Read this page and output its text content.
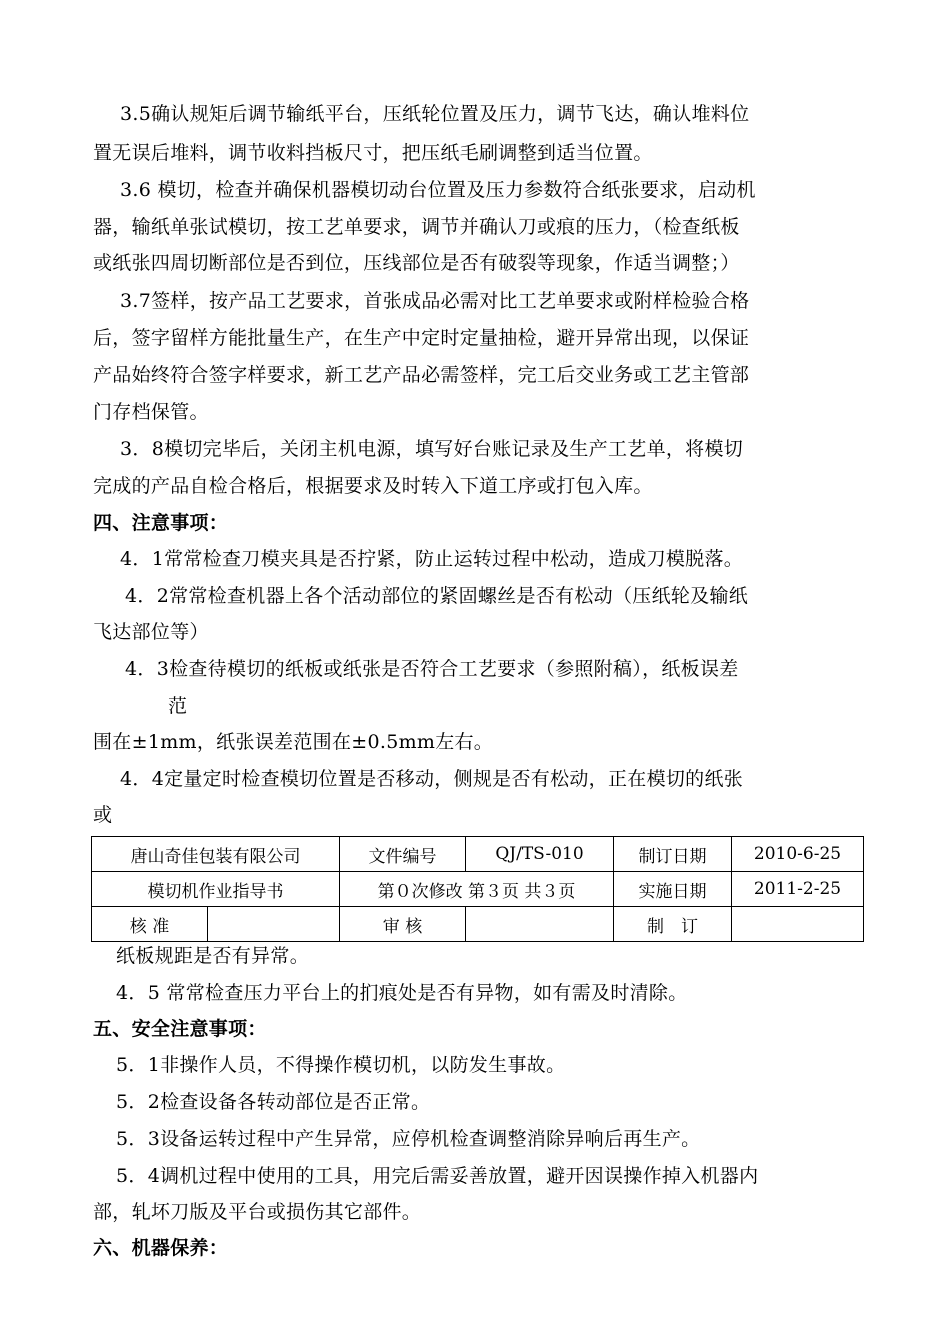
3.5确认规矩后调节输纸平台，压纸轮位置及压力，调节飞达，确认堆料位
置无误后堆料，调节收料挡板尺寸，把压纸毛刷调整到适当位置。
3.6 模切，检查并确保机器模切动台位置及压力参数符合纸张要求，启动机
器，输纸单张试模切，按工艺单要求，调节并确认刀或痕的压力，（检查纸板
或纸张四周切断部位是否到位，压线部位是否有破裂等现象，作适当调整；）
3.7签样，按产品工艺要求，首张成品必需对比工艺单要求或附样检验合格
后，签字留样方能批量生产，在生产中定时定量抽检，避开异常出现，以保证
产品始终符合签字样要求，新工艺产品必需签样，完工后交业务或工艺主管部
门存档保管。
3．8模切完毕后，关闭主机电源，填写好台账记录及生产工艺单，将模切
完成的产品自检合格后，根据要求及时转入下道工序或打包入库。
四、注意事项：
4．1常常检查刀模夹具是否拧紧，防止运转过程中松动，造成刀模脱落。
4．2常常检查机器上各个活动部位的紧固螺丝是否有松动（压纸轮及输纸
飞达部位等）
4．3检查待模切的纸板或纸张是否符合工艺要求（参照附稿），纸板误差
范
围在±1mm，纸张误差范围在±0.5mm左右。
4．4定量定时检查模切位置是否移动，侧规是否有松动，正在模切的纸张
或
唐山奇佳包装有限公司		文件编号	QJ/TS-010	制订日期	2010-6-25
模切机作业指导书		第０次修改 第３页 共３页		实施日期	2011-2-25
核 准		审 核		制　订	
纸板规距是否有异常。
4．5 常常检查压力平台上的扪痕处是否有异物，如有需及时清除。
五、安全注意事项：
5．1非操作人员，不得操作模切机，以防发生事故。
5．2检查设备各转动部位是否正常。
5．3设备运转过程中产生异常，应停机检查调整消除异响后再生产。
5．4调机过程中使用的工具，用完后需妥善放置，避开因误操作掉入机器内
部，轧坏刀版及平台或损伤其它部件。
六、机器保养：
